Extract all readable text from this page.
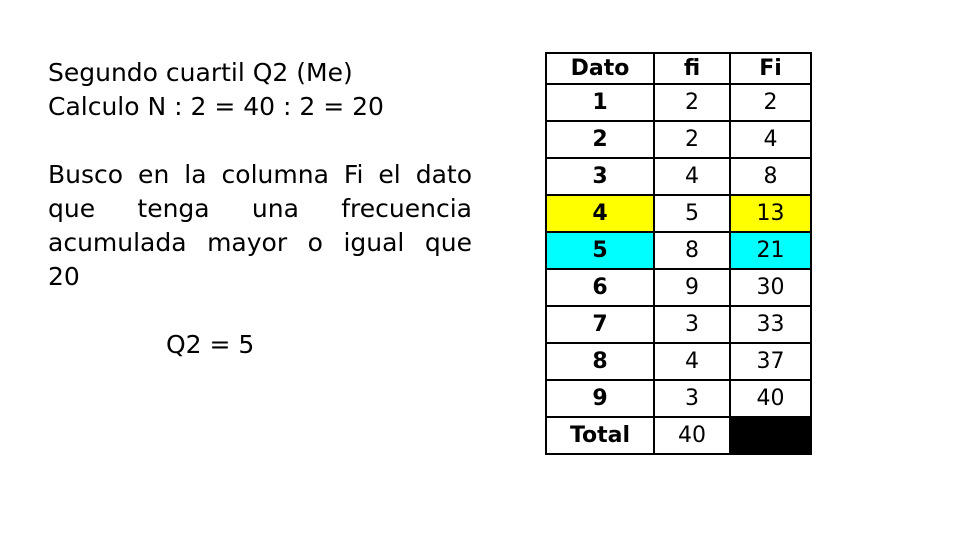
Segundo cuartil Q2 (Me)
Calculo N : 2 = 40 : 2 = 20
Busco en la columna Fi el dato
que tenga una frecuencia
acumulada mayor o igual que
20
Q2 = 5
Dato	fi	Fi
1	2	2
2	2	4
3	4	8
4	5	13
5	8	21
6	9	30
7	3	33
8	4	37
9	3	40
Total	40	
